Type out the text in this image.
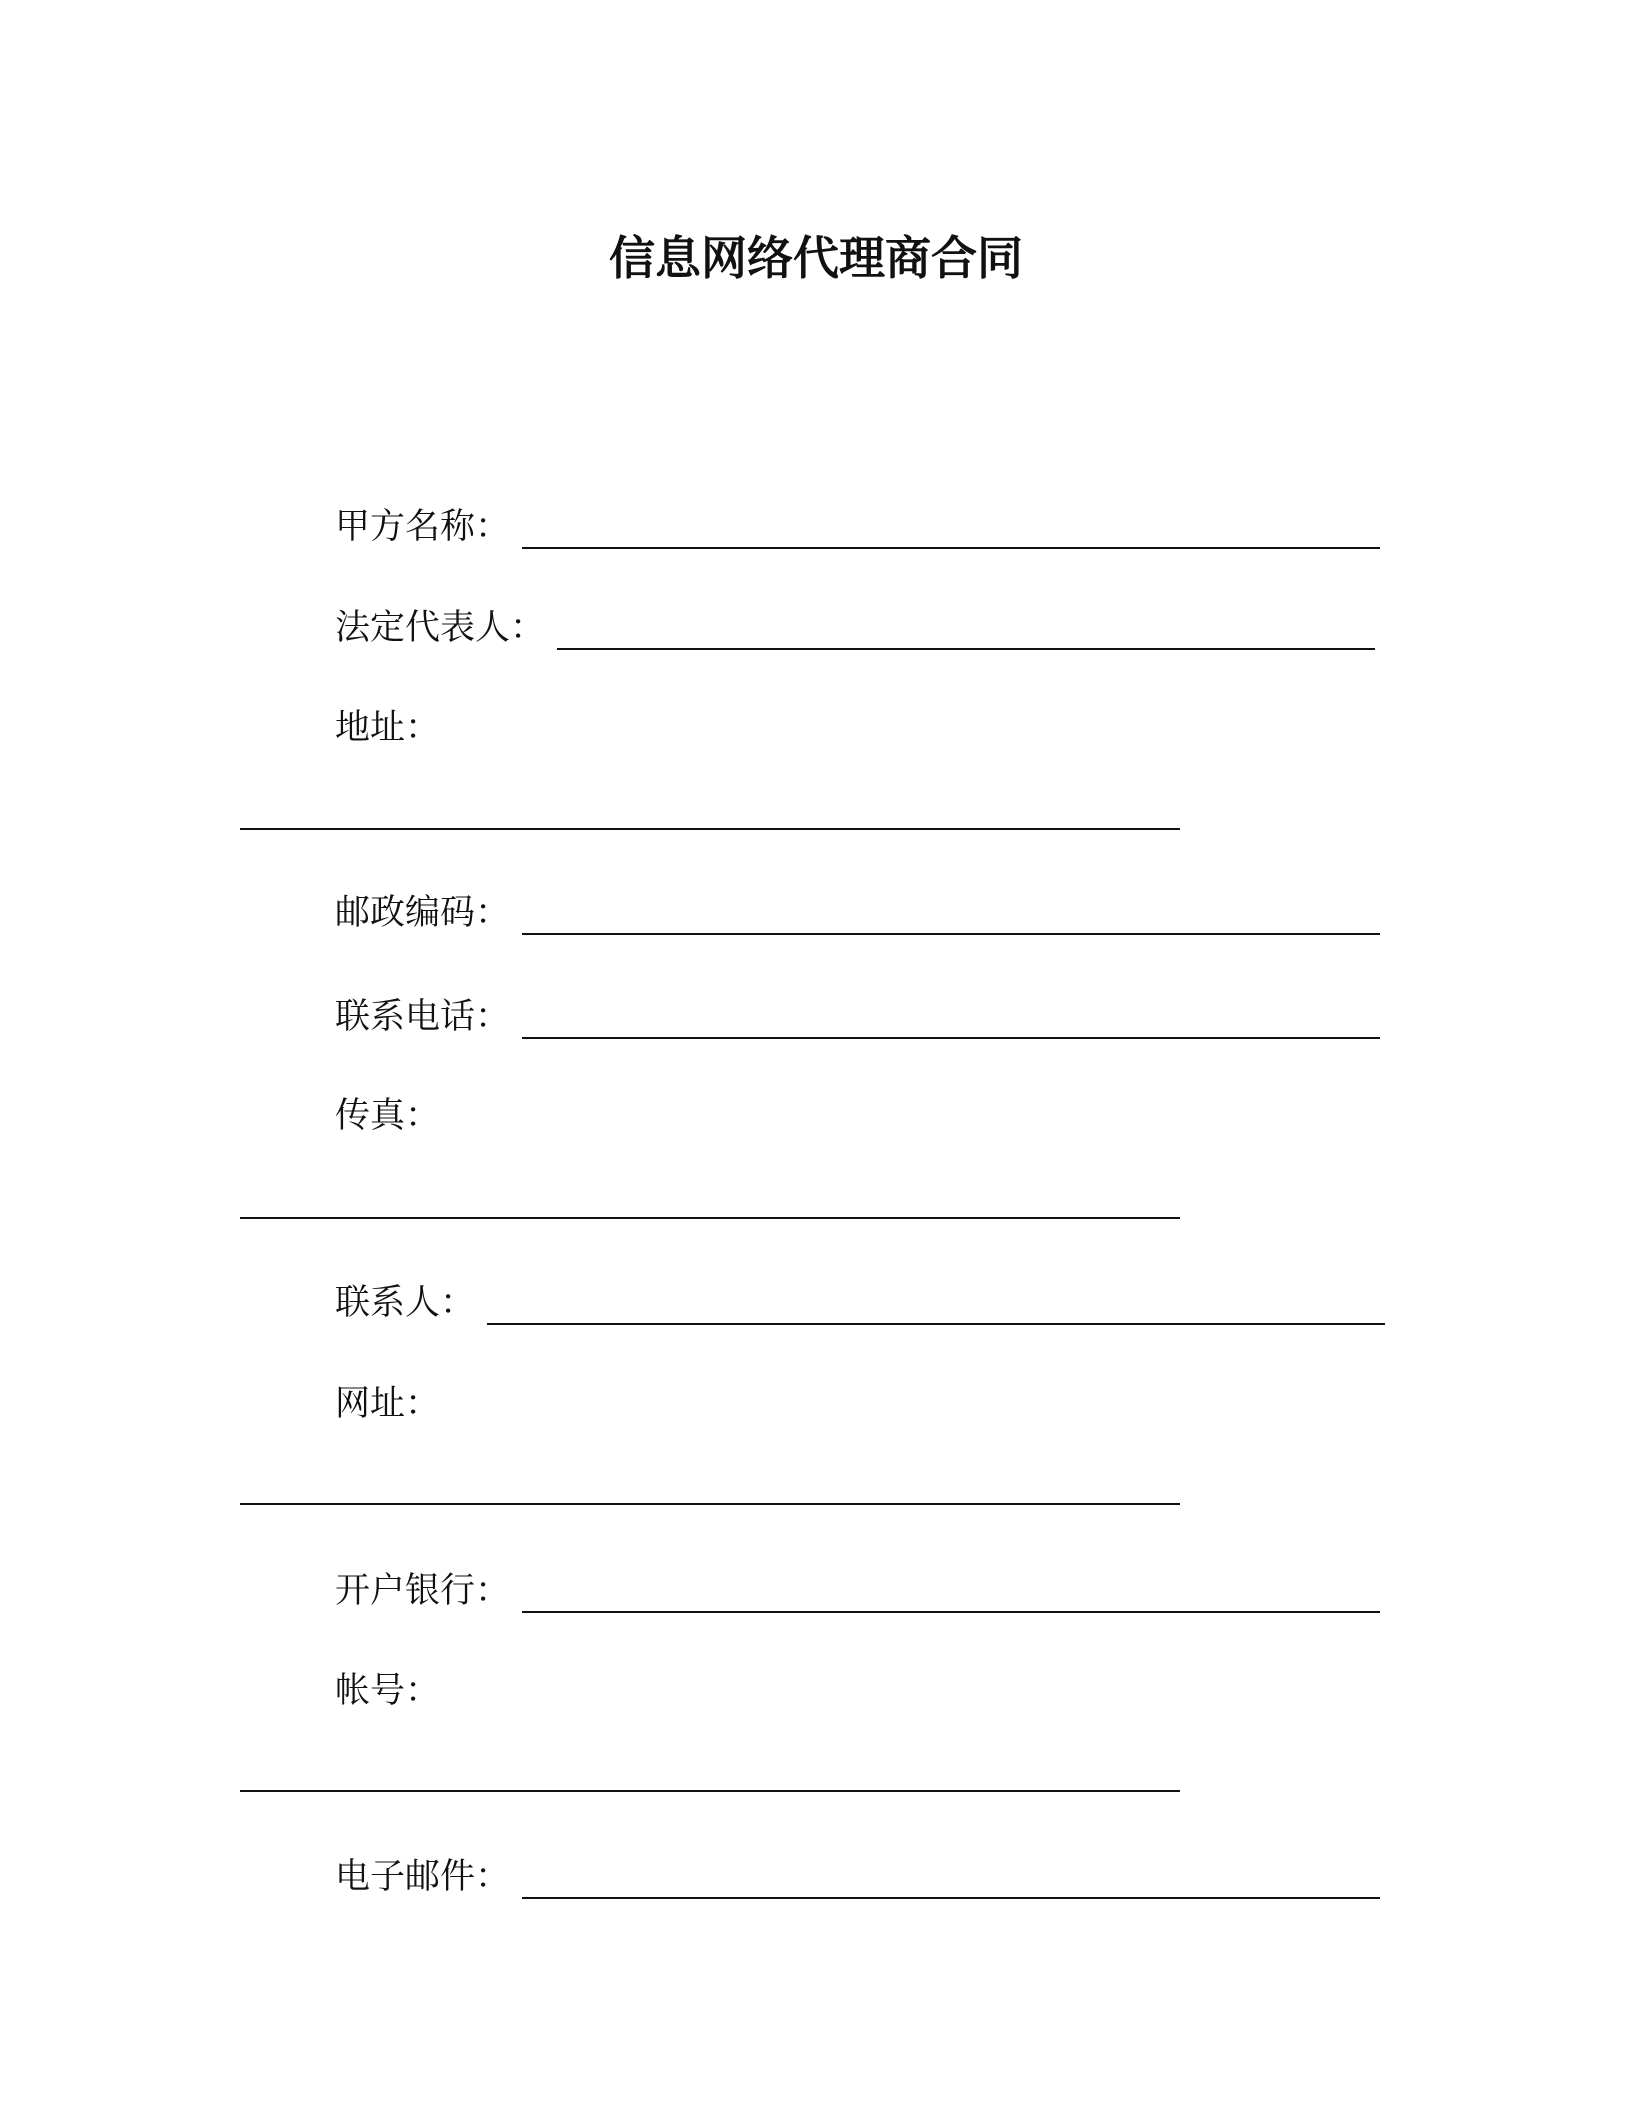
信息网络代理商合同
甲方名称：
法定代表人：
地址：
邮政编码：
联系电话：
传真：
联系人：
网址：
开户银行：
帐号：
电子邮件：
